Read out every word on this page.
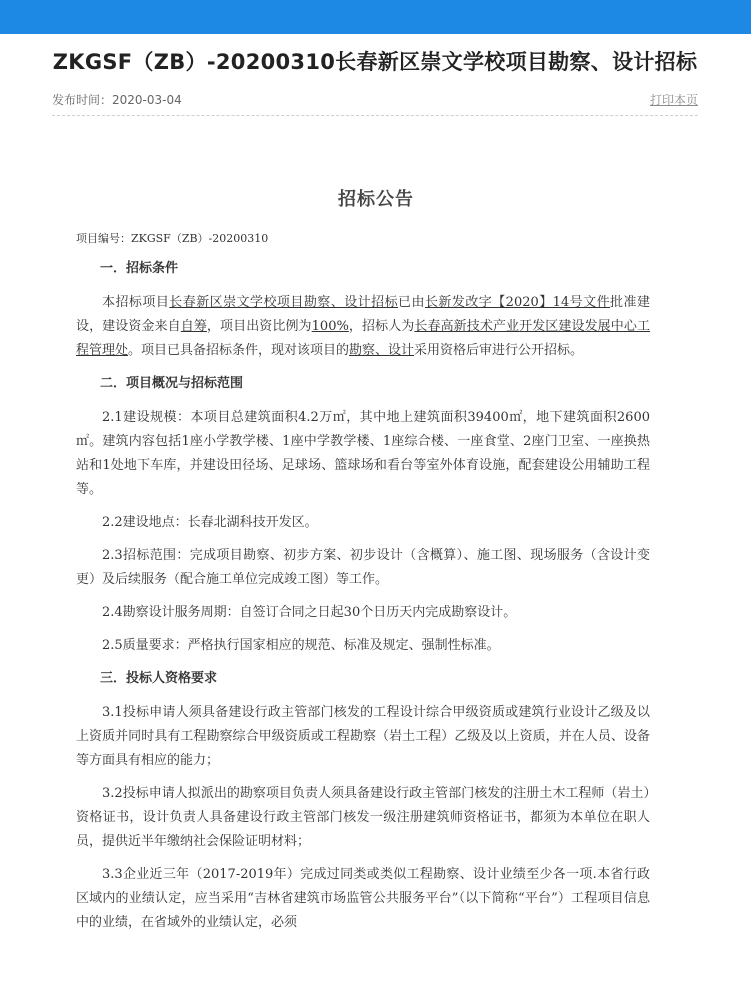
ZKGSF（ZB）-20200310长春新区崇文学校项目勘察、设计招标
发布时间：2020-03-04	打印本页
招标公告
项目编号：ZKGSF（ZB）-20200310
一．招标条件

本招标项目长春新区崇文学校项目勘察、设计招标已由长新发改字【2020】14号文件批准建设，建设资金来自自筹，项目出资比例为100%，招标人为长春高新技术产业开发区建设发展中心工程管理处。项目已具备招标条件，现对该项目的勘察、设计采用资格后审进行公开招标。

二．项目概况与招标范围

2.1建设规模：本项目总建筑面积4.2万㎡，其中地上建筑面积39400㎡，地下建筑面积2600㎡。建筑内容包括1座小学教学楼、1座中学教学楼、1座综合楼、一座食堂、2座门卫室、一座换热站和1处地下车库，并建设田径场、足球场、篮球场和看台等室外体育设施，配套建设公用辅助工程等。

2.2建设地点：长春北湖科技开发区。

2.3招标范围：完成项目勘察、初步方案、初步设计（含概算）、施工图、现场服务（含设计变更）及后续服务（配合施工单位完成竣工图）等工作。

2.4勘察设计服务周期：自签订合同之日起30个日历天内完成勘察设计。

2.5质量要求：严格执行国家相应的规范、标准及规定、强制性标准。

三．投标人资格要求

3.1投标申请人须具备建设行政主管部门核发的工程设计综合甲级资质或建筑行业设计乙级及以上资质并同时具有工程勘察综合甲级资质或工程勘察（岩土工程）乙级及以上资质，并在人员、设备等方面具有相应的能力；

3.2投标申请人拟派出的勘察项目负责人须具备建设行政主管部门核发的注册土木工程师（岩土）资格证书，设计负责人具备建设行政主管部门核发一级注册建筑师资格证书，都须为本单位在职人员，提供近半年缴纳社会保险证明材料；

3.3企业近三年（2017-2019年）完成过同类或类似工程勘察、设计业绩至少各一项.本省行政区域内的业绩认定，应当采用“吉林省建筑市场监管公共服务平台”（以下简称“平台”）工程项目信息中的业绩，在省域外的业绩认定，必须
